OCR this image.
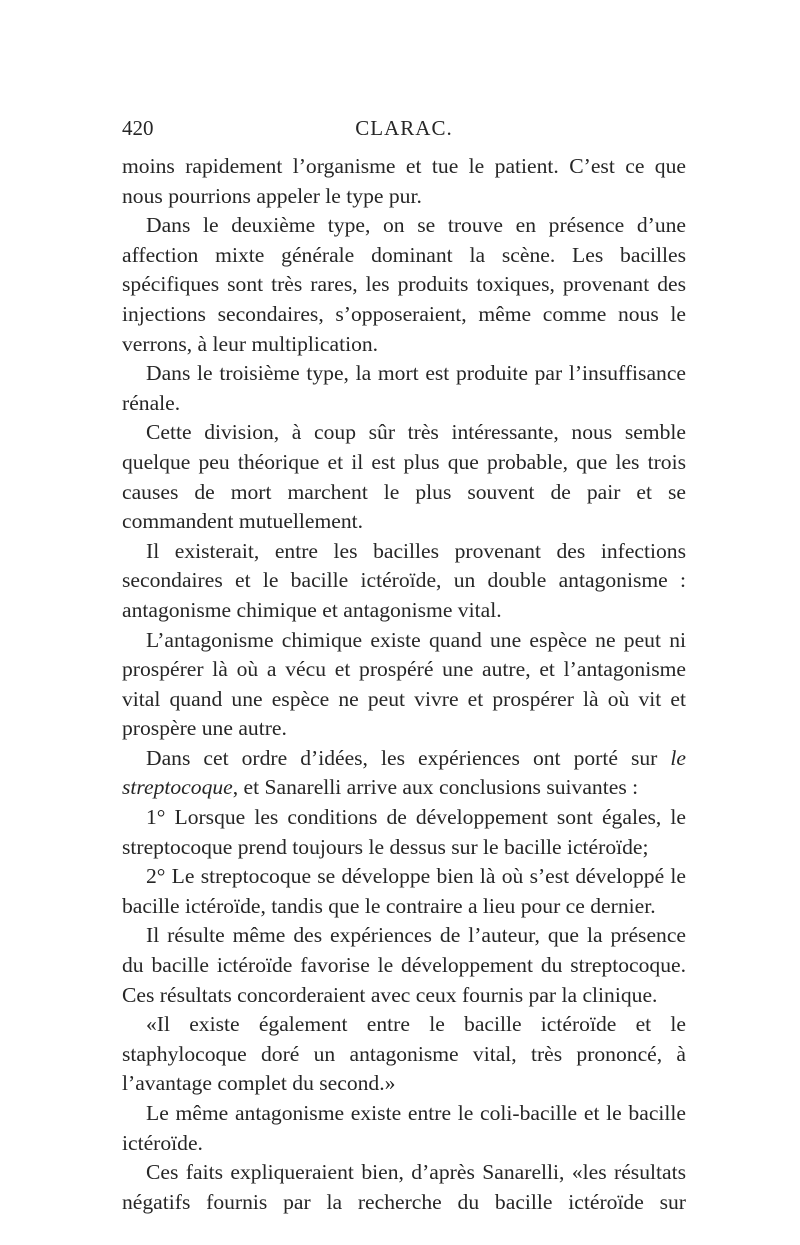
420	CLARAC.

moins rapidement l’organisme et tue le patient. C’est ce que nous pourrions appeler le type pur.

Dans le deuxième type, on se trouve en présence d’une affection mixte générale dominant la scène. Les bacilles spécifiques sont très rares, les produits toxiques, provenant des injections secondaires, s’opposeraient, même comme nous le verrons, à leur multiplication.

Dans le troisième type, la mort est produite par l’insuffisance rénale.

Cette division, à coup sûr très intéressante, nous semble quelque peu théorique et il est plus que probable, que les trois causes de mort marchent le plus souvent de pair et se commandent mutuellement.

Il existerait, entre les bacilles provenant des infections secondaires et le bacille ictéroïde, un double antagonisme : antagonisme chimique et antagonisme vital.

L’antagonisme chimique existe quand une espèce ne peut ni prospérer là où a vécu et prospéré une autre, et l’antagonisme vital quand une espèce ne peut vivre et prospérer là où vit et prospère une autre.

Dans cet ordre d’idées, les expériences ont porté sur le streptocoque, et Sanarelli arrive aux conclusions suivantes :

1° Lorsque les conditions de développement sont égales, le streptocoque prend toujours le dessus sur le bacille ictéroïde;

2° Le streptocoque se développe bien là où s’est développé le bacille ictéroïde, tandis que le contraire a lieu pour ce dernier.

Il résulte même des expériences de l’auteur, que la présence du bacille ictéroïde favorise le développement du streptocoque. Ces résultats concorderaient avec ceux fournis par la clinique.

«Il existe également entre le bacille ictéroïde et le staphylocoque doré un antagonisme vital, très prononcé, à l’avantage complet du second.»

Le même antagonisme existe entre le coli-bacille et le bacille ictéroïde.

Ces faits expliqueraient bien, d’après Sanarelli, «les résultats négatifs fournis par la recherche du bacille ictéroïde sur
